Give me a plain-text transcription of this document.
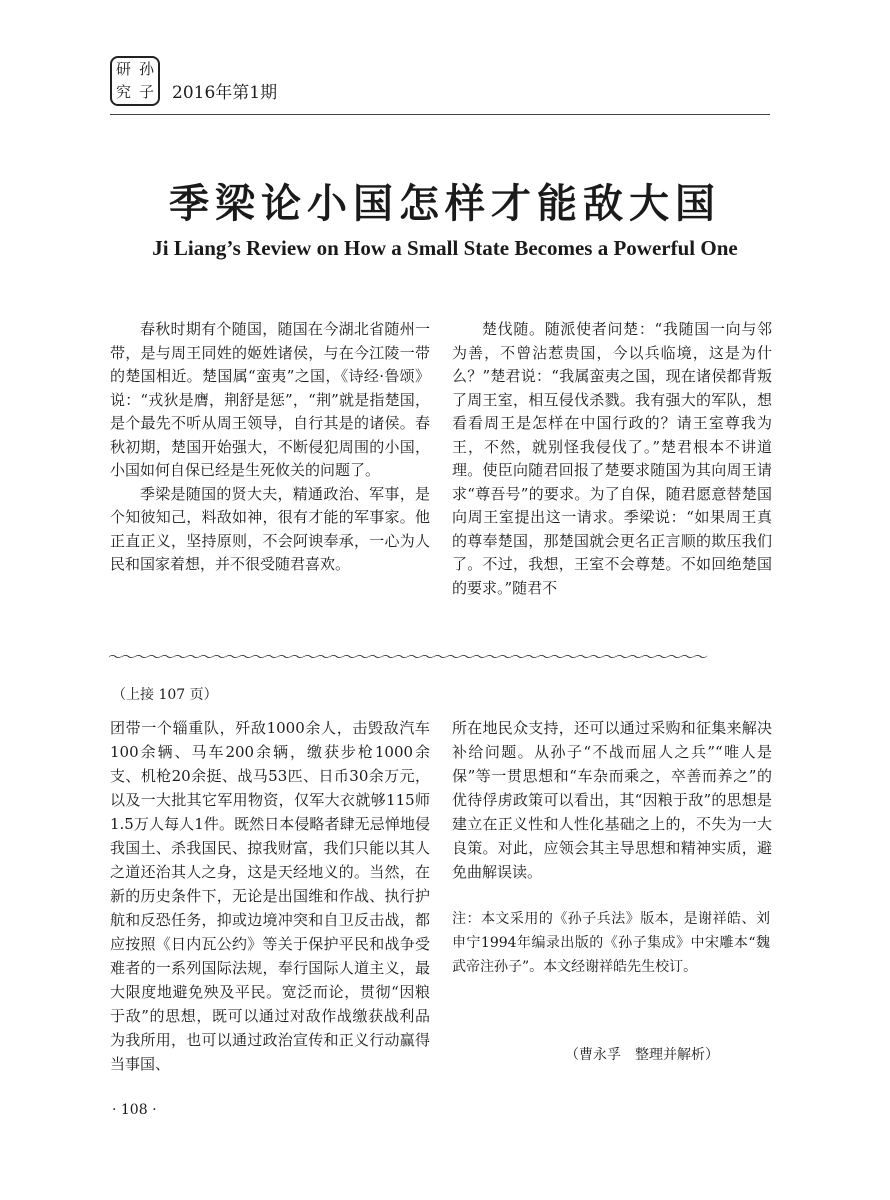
研 孙
究 子 2016年第1期
季梁论小国怎样才能敌大国
Ji Liang’s Review on How a Small State Becomes a Powerful One

春秋时期有个随国，随国在今湖北省随州一带，是与周王同姓的姬姓诸侯，与在今江陵一带的楚国相近。楚国属“蛮夷”之国，《诗经·鲁颂》说：“戎狄是膺，荆舒是惩”，“荆”就是指楚国，是个最先不听从周王领导，自行其是的诸侯。春秋初期，楚国开始强大，不断侵犯周围的小国，小国如何自保已经是生死攸关的问题了。

季梁是随国的贤大夫，精通政治、军事，是个知彼知己，料敌如神，很有才能的军事家。他正直正义，坚持原则，不会阿谀奉承，一心为人民和国家着想，并不很受随君喜欢。

楚伐随。随派使者问楚：“我随国一向与邻为善，不曾沾惹贵国，今以兵临境，这是为什么？”楚君说：“我属蛮夷之国，现在诸侯都背叛了周王室，相互侵伐杀戮。我有强大的军队，想看看周王是怎样在中国行政的？请王室尊我为王，不然，就别怪我侵伐了。”楚君根本不讲道理。使臣向随君回报了楚要求随国为其向周王请求“尊吾号”的要求。为了自保，随君愿意替楚国向周王室提出这一请求。季梁说：“如果周王真的尊奉楚国，那楚国就会更名正言顺的欺压我们了。不过，我想，王室不会尊楚。不如回绝楚国的要求。”随君不

～～～～～～～～～～～～～～～～～～～～～～～～～～～～～～～～～～～～～～～～～～～～～～
（上接 107 页）

团带一个辎重队，歼敌1000余人，击毁敌汽车100余辆、马车200余辆，缴获步枪1000余支、机枪20余挺、战马53匹、日币30余万元，以及一大批其它军用物资，仅军大衣就够115师1.5万人每人1件。既然日本侵略者肆无忌惮地侵我国土、杀我国民、掠我财富，我们只能以其人之道还治其人之身，这是天经地义的。当然，在新的历史条件下，无论是出国维和作战、执行护航和反恐任务，抑或边境冲突和自卫反击战，都应按照《日内瓦公约》等关于保护平民和战争受难者的一系列国际法规，奉行国际人道主义，最大限度地避免殃及平民。宽泛而论，贯彻“因粮于敌”的思想，既可以通过对敌作战缴获战利品为我所用，也可以通过政治宣传和正义行动赢得当事国、

所在地民众支持，还可以通过采购和征集来解决补给问题。从孙子“不战而屈人之兵”“唯人是保”等一贯思想和“车杂而乘之，卒善而养之”的优待俘虏政策可以看出，其“因粮于敌”的思想是建立在正义性和人性化基础之上的，不失为一大良策。对此，应领会其主导思想和精神实质，避免曲解误读。

注：本文采用的《孙子兵法》版本，是谢祥皓、刘申宁1994年编录出版的《孙子集成》中宋雕本“魏武帝注孙子”。本文经谢祥皓先生校订。
（曹永孚　整理并解析）
· 108 ·
